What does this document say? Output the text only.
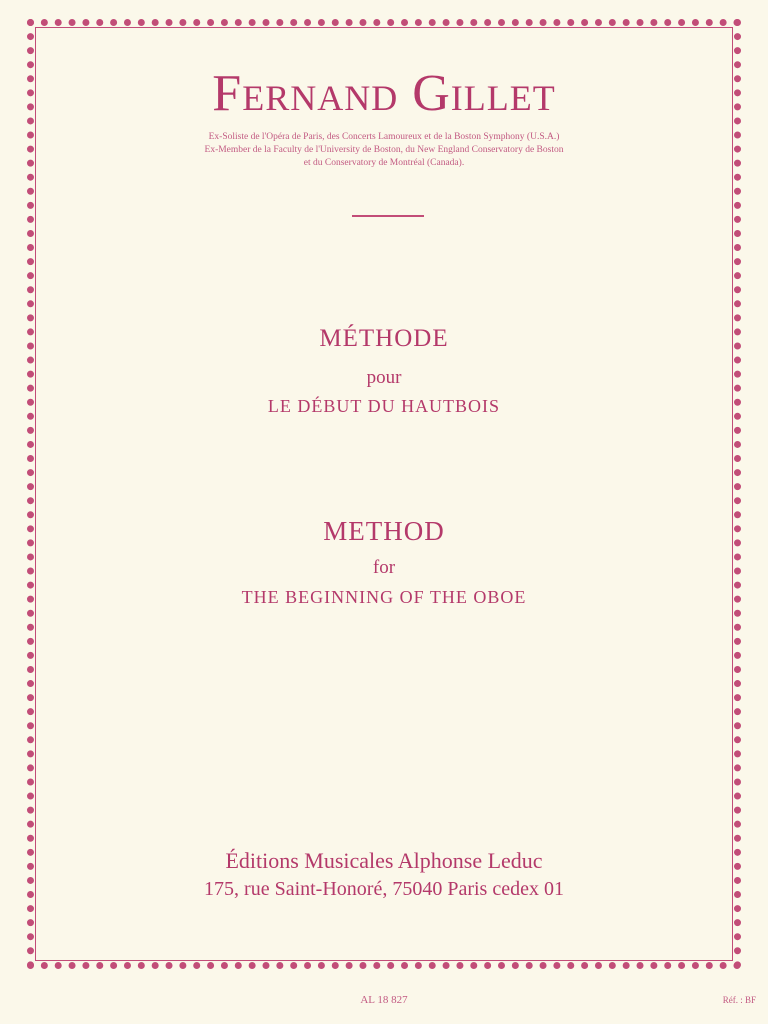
Fernand Gillet
Ex-Soliste de l'Opéra de Paris, des Concerts Lamoureux et de la Boston Symphony (U.S.A.)
Ex-Member de la Faculty de l'University de Boston, du New England Conservatory de Boston
et du Conservatory de Montréal (Canada).
MÉTHODE
pour
LE DÉBUT DU HAUTBOIS
METHOD
for
THE BEGINNING OF THE OBOE
Éditions Musicales Alphonse Leduc
175, rue Saint-Honoré, 75040 Paris cedex 01
AL 18 827	Réf. : BF
